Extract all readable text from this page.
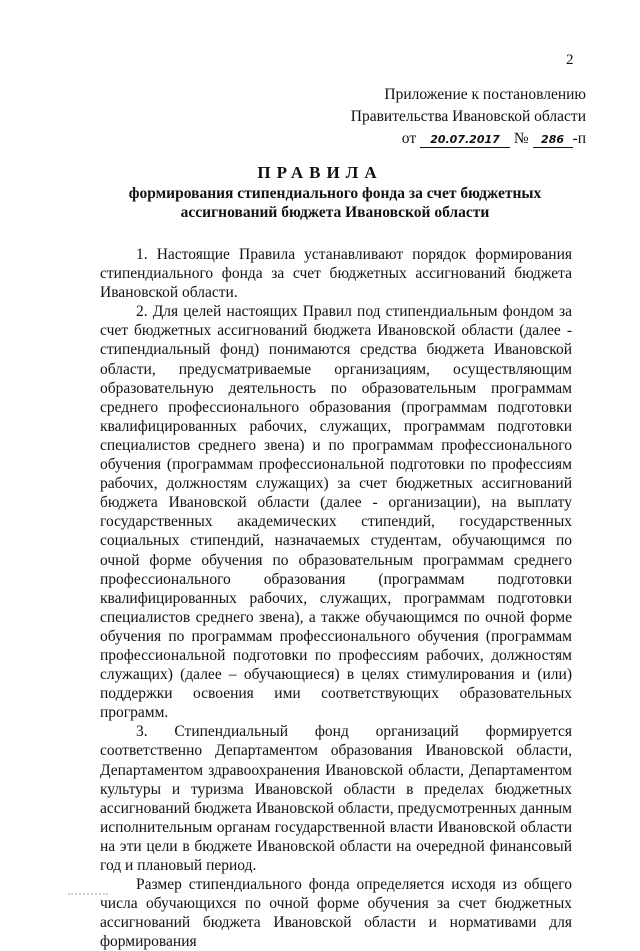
2
Приложение к постановлению
Правительства Ивановской области
от 20.07.2017 № 286 -п
ПРАВИЛА
формирования стипендиального фонда за счет бюджетных ассигнований бюджета Ивановской области

1. Настоящие Правила устанавливают порядок формирования стипендиального фонда за счет бюджетных ассигнований бюджета Ивановской области.

2. Для целей настоящих Правил под стипендиальным фондом за счет бюджетных ассигнований бюджета Ивановской области (далее - стипендиальный фонд) понимаются средства бюджета Ивановской области, предусматриваемые организациям, осуществляющим образовательную деятельность по образовательным программам среднего профессионального образования (программам подготовки квалифицированных рабочих, служащих, программам подготовки специалистов среднего звена) и по программам профессионального обучения (программам профессиональной подготовки по профессиям рабочих, должностям служащих) за счет бюджетных ассигнований бюджета Ивановской области (далее - организации), на выплату государственных академических стипендий, государственных социальных стипендий, назначаемых студентам, обучающимся по очной форме обучения по образовательным программам среднего профессионального образования (программам подготовки квалифицированных рабочих, служащих, программам подготовки специалистов среднего звена), а также обучающимся по очной форме обучения по программам профессионального обучения (программам профессиональной подготовки по профессиям рабочих, должностям служащих) (далее – обучающиеся) в целях стимулирования и (или) поддержки освоения ими соответствующих образовательных программ.

3. Стипендиальный фонд организаций формируется соответственно Департаментом образования Ивановской области, Департаментом здравоохранения Ивановской области, Департаментом культуры и туризма Ивановской области в пределах бюджетных ассигнований бюджета Ивановской области, предусмотренных данным исполнительным органам государственной власти Ивановской области на эти цели в бюджете Ивановской области на очередной финансовый год и плановый период.

Размер стипендиального фонда определяется исходя из общего числа обучающихся по очной форме обучения за счет бюджетных ассигнований бюджета Ивановской области и нормативами для формирования
